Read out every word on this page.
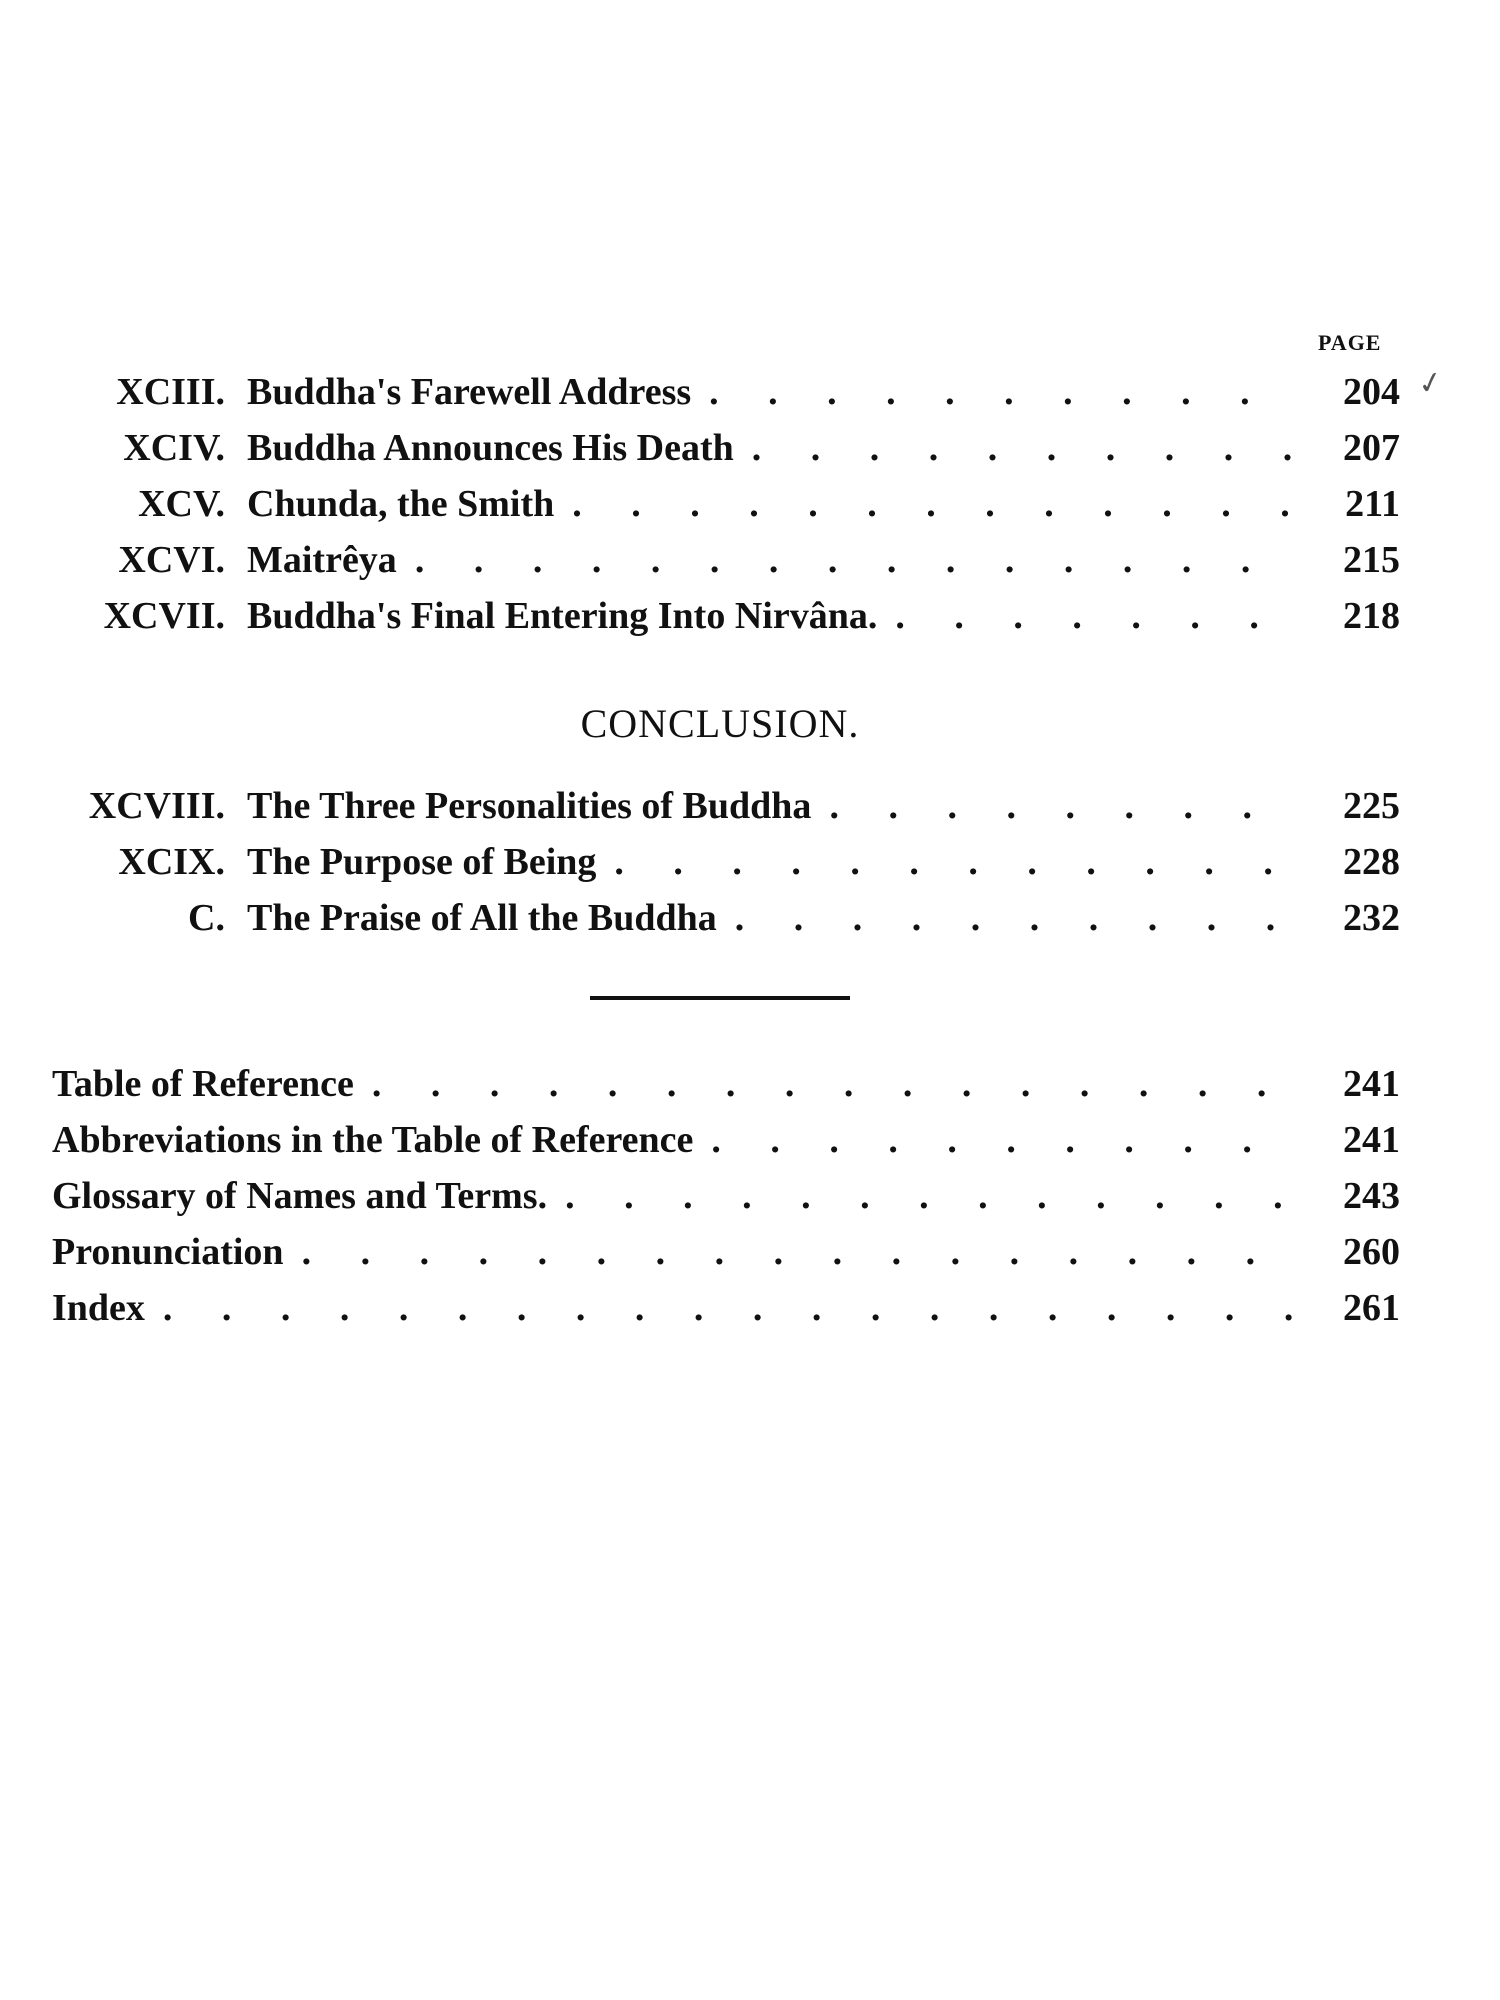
PAGE
✓
XCIII. Buddha's Farewell Address . . .	204
XCIV. Buddha Announces His Death . . .	207
XCV. Chunda, the Smith . . .	211
XCVI. Maitrêya . . .	215
XCVII. Buddha's Final Entering Into Nirvâna. . . .	218
CONCLUSION.
XCVIII. The Three Personalities of Buddha . . .	225
XCIX. The Purpose of Being . . .	228
C. The Praise of All the Buddha . . .	232
Table of Reference . . .	241
Abbreviations in the Table of Reference . . .	241
Glossary of Names and Terms. . . .	243
Pronunciation . . .	260
Index . . .	261
